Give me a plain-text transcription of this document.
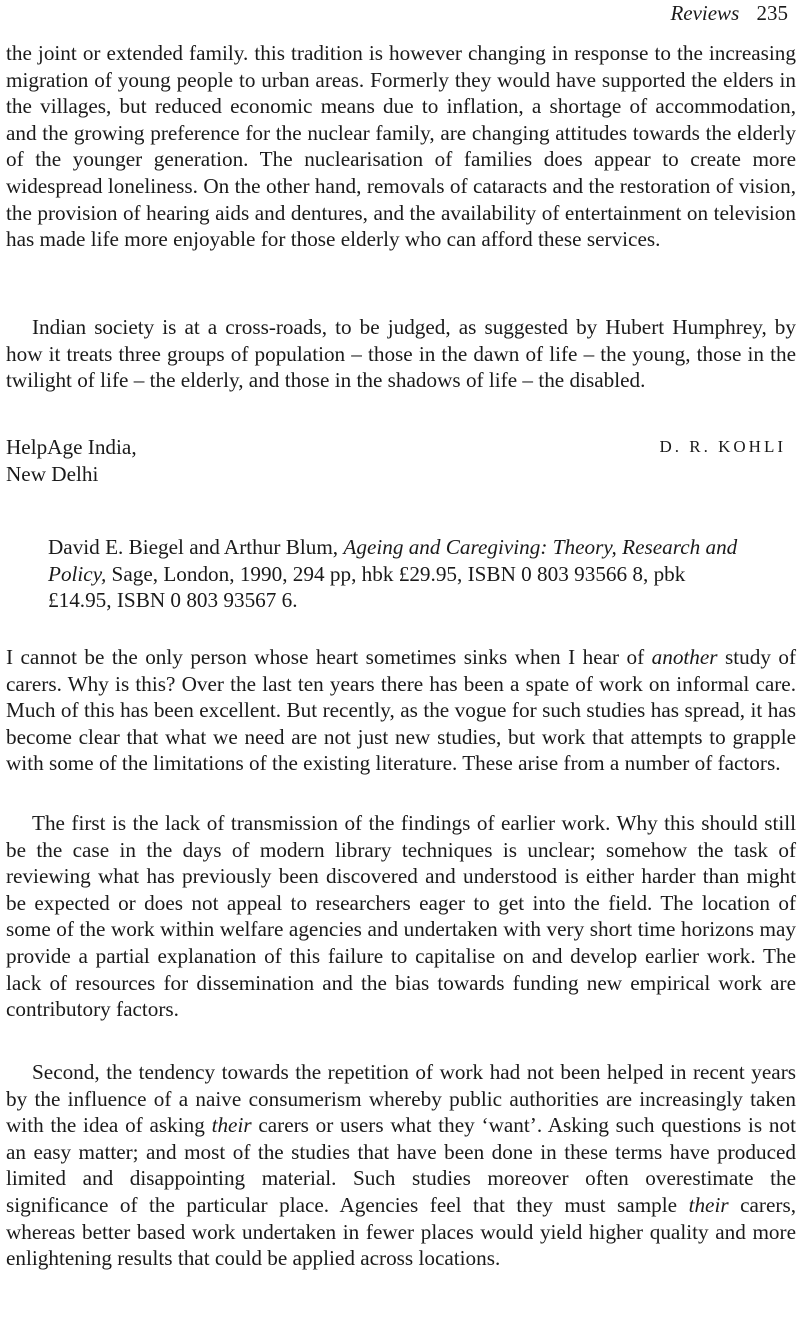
Reviews 235

the joint or extended family. this tradition is however changing in response to the increasing migration of young people to urban areas. Formerly they would have supported the elders in the villages, but reduced economic means due to inflation, a shortage of accommodation, and the growing preference for the nuclear family, are changing attitudes towards the elderly of the younger generation. The nuclearisation of families does appear to create more widespread loneliness. On the other hand, removals of cataracts and the restoration of vision, the provision of hearing aids and dentures, and the availability of entertainment on television has made life more enjoyable for those elderly who can afford these services.

Indian society is at a cross-roads, to be judged, as suggested by Hubert Humphrey, by how it treats three groups of population – those in the dawn of life – the young, those in the twilight of life – the elderly, and those in the shadows of life – the disabled.

HelpAge India,
New Delhi
D. R. KOHLI

David E. Biegel and Arthur Blum, Ageing and Caregiving: Theory, Research and Policy, Sage, London, 1990, 294 pp, hbk £29.95, ISBN 0 803 93566 8, pbk £14.95, ISBN 0 803 93567 6.

I cannot be the only person whose heart sometimes sinks when I hear of another study of carers. Why is this? Over the last ten years there has been a spate of work on informal care. Much of this has been excellent. But recently, as the vogue for such studies has spread, it has become clear that what we need are not just new studies, but work that attempts to grapple with some of the limitations of the existing literature. These arise from a number of factors.

The first is the lack of transmission of the findings of earlier work. Why this should still be the case in the days of modern library techniques is unclear; somehow the task of reviewing what has previously been discovered and understood is either harder than might be expected or does not appeal to researchers eager to get into the field. The location of some of the work within welfare agencies and undertaken with very short time horizons may provide a partial explanation of this failure to capitalise on and develop earlier work. The lack of resources for dissemination and the bias towards funding new empirical work are contributory factors.

Second, the tendency towards the repetition of work had not been helped in recent years by the influence of a naive consumerism whereby public authorities are increasingly taken with the idea of asking their carers or users what they ‘want’. Asking such questions is not an easy matter; and most of the studies that have been done in these terms have produced limited and disappointing material. Such studies moreover often overestimate the significance of the particular place. Agencies feel that they must sample their carers, whereas better based work undertaken in fewer places would yield higher quality and more enlightening results that could be applied across locations.
